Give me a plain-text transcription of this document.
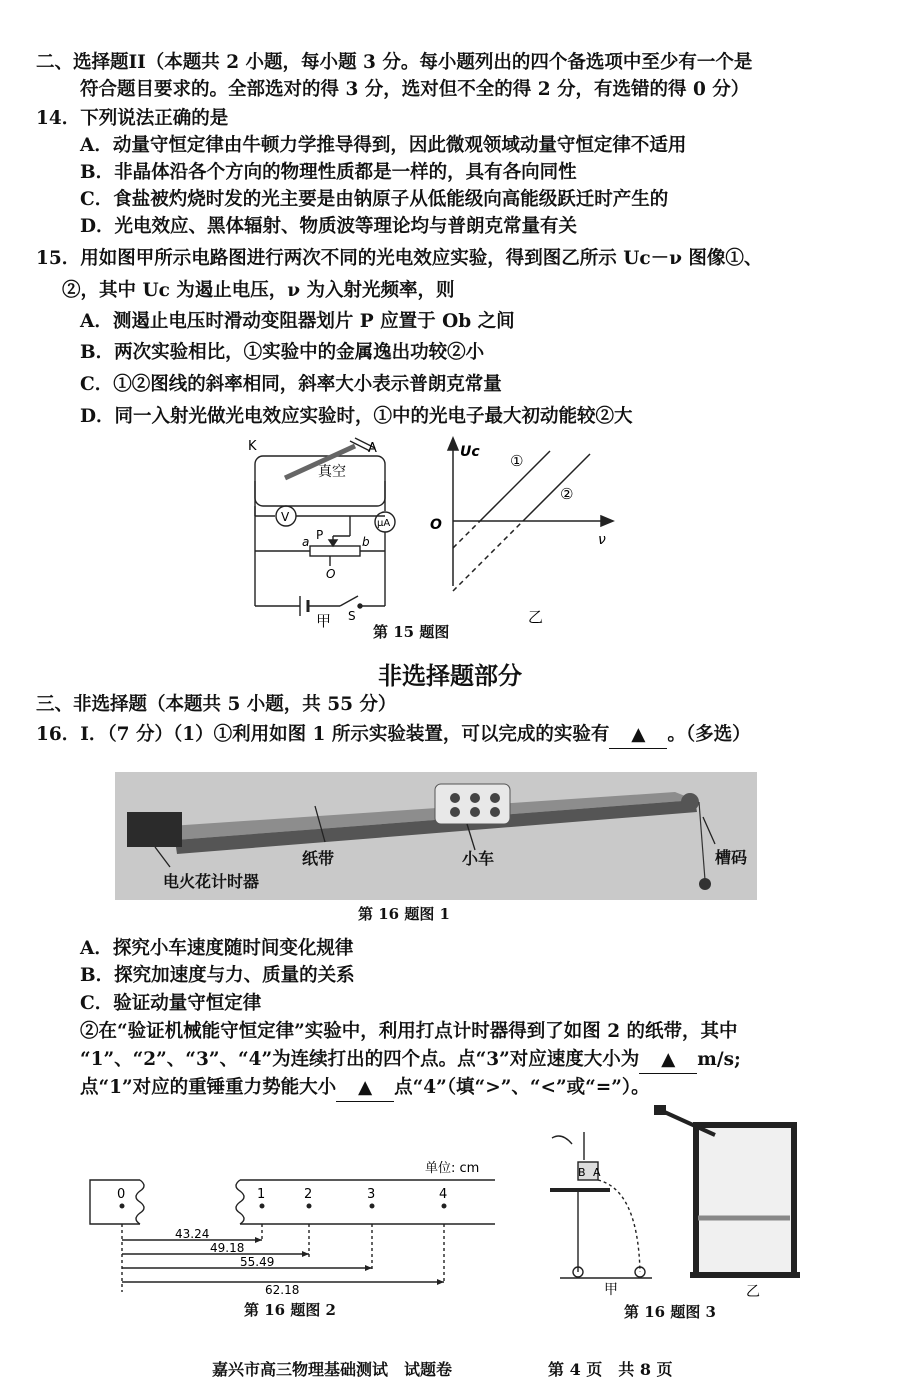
二、选择题II（本题共 2 小题，每小题 3 分。每小题列出的四个备选项中至少有一个是
符合题目要求的。全部选对的得 3 分，选对但不全的得 2 分，有选错的得 0 分）
14．下列说法正确的是
A．动量守恒定律由牛顿力学推导得到，因此微观领域动量守恒定律不适用
B．非晶体沿各个方向的物理性质都是一样的，具有各向同性
C．食盐被灼烧时发的光主要是由钠原子从低能级向高能级跃迁时产生的
D．光电效应、黑体辐射、物质波等理论均与普朗克常量有关
15．用如图甲所示电路图进行两次不同的光电效应实验，得到图乙所示 Uc－ν 图像①、
②，其中 Uc 为遏止电压，ν 为入射光频率，则
A．测遏止电压时滑动变阻器划片 P 应置于 Ob 之间
B．两次实验相比，①实验中的金属逸出功较②小
C．①②图线的斜率相同，斜率大小表示普朗克常量
D．同一入射光做光电效应实验时，①中的光电子最大初动能较②大
K	A
真空
μA
V
P
a	b
O
S
甲
Uc
O
ν
①
②
乙
第 15 题图
非选择题部分
三、非选择题（本题共 5 小题，共 55 分）
16．Ⅰ．（7 分）（1）①利用如图 1 所示实验装置，可以完成的实验有 ▲ 。（多选）
纸带	小车	槽码
电火花计时器
第 16 题图 1
A．探究小车速度随时间变化规律
B．探究加速度与力、质量的关系
C．验证动量守恒定律
②在“验证机械能守恒定律”实验中，利用打点计时器得到了如图 2 的纸带，其中
“1”、“2”、“3”、“4”为连续打出的四个点。点“3”对应速度大小为 ▲ m/s;
点“1”对应的重锤重力势能大小 ▲ 点“4”（填“>”、“<”或“=”）。
单位: cm
0	1	2	3	4
43.24
49.18
55.49
62.18
第 16 题图 2
B A
甲	乙
第 16 题图 3
嘉兴市高三物理基础测试　试题卷	第 4 页　共 8 页
